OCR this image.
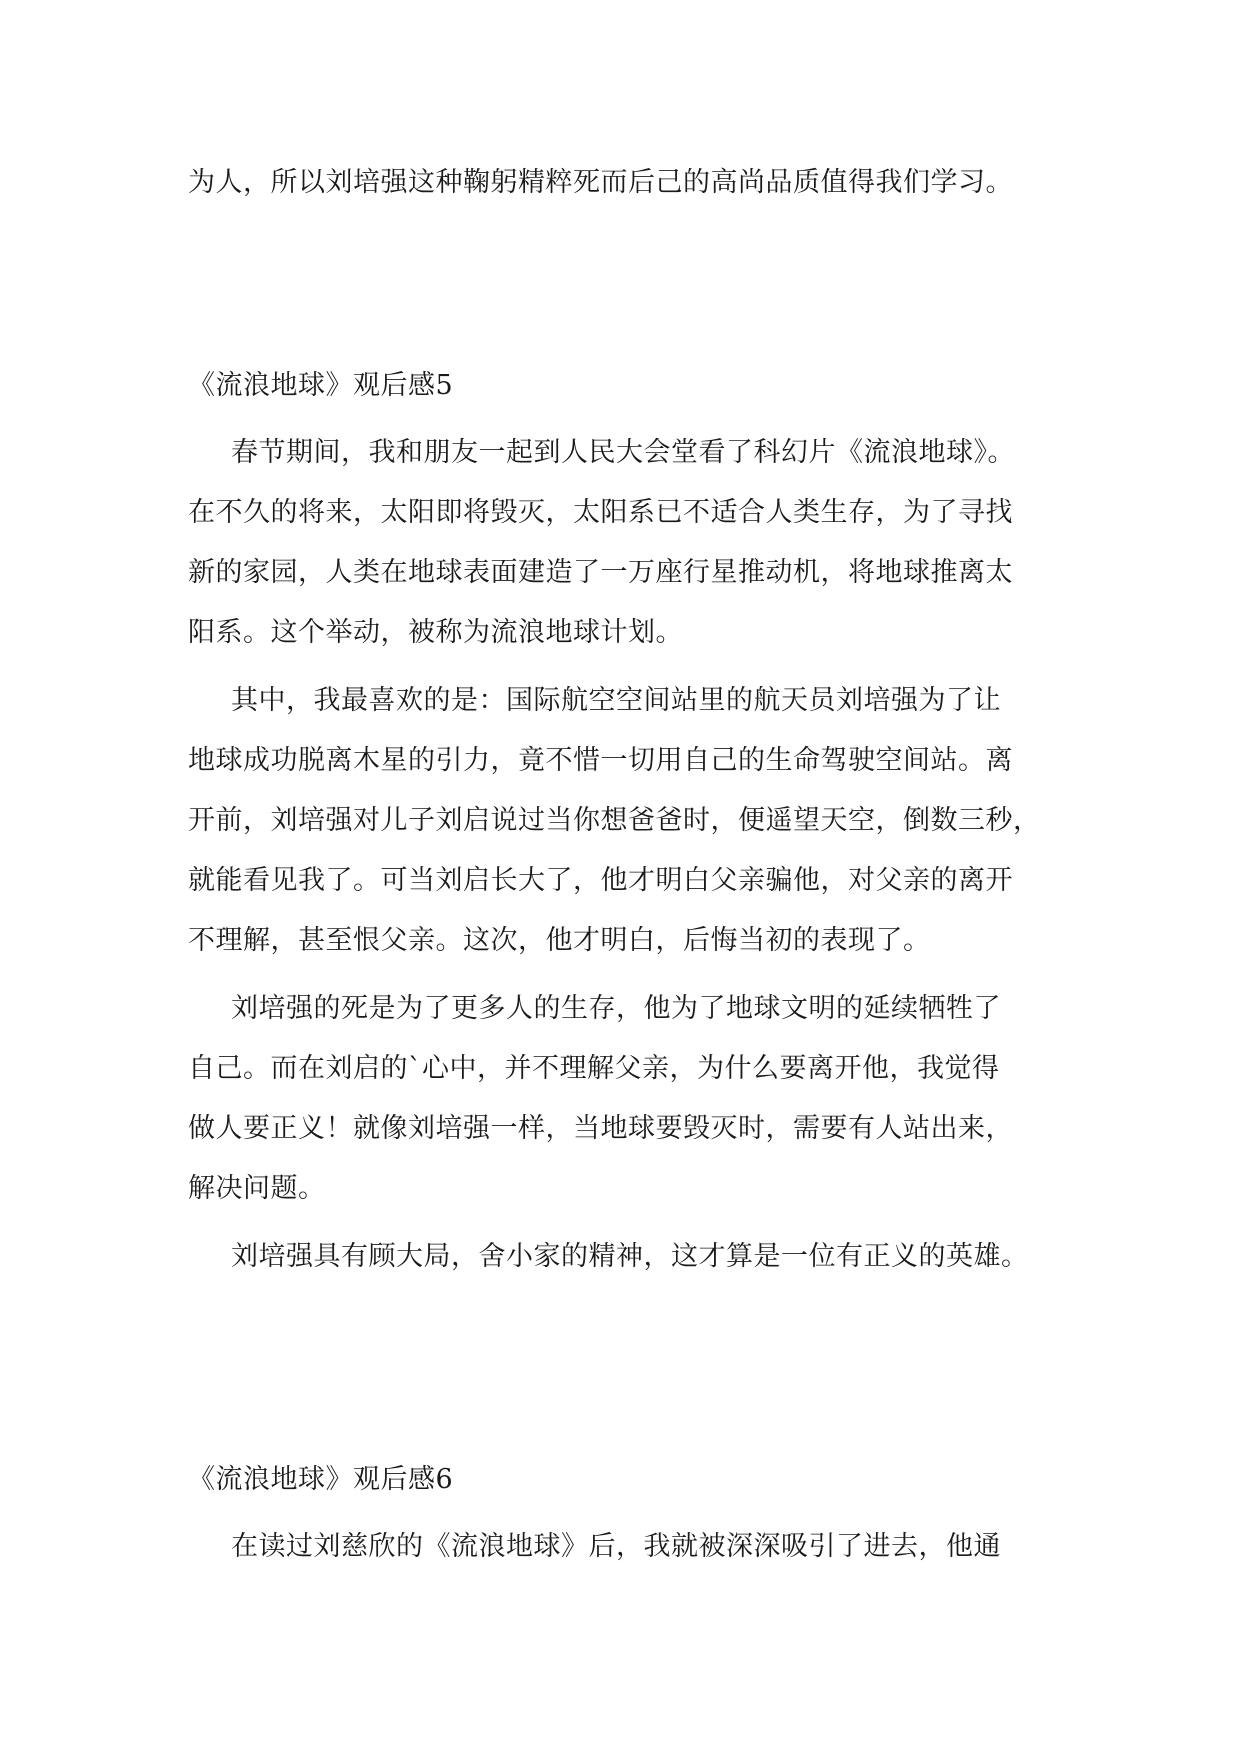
为人，所以刘培强这种鞠躬精粹死而后己的高尚品质值得我们学习。
《流浪地球》观后感5
春节期间，我和朋友一起到人民大会堂看了科幻片《流浪地球》。
在不久的将来，太阳即将毁灭，太阳系已不适合人类生存，为了寻找
新的家园，人类在地球表面建造了一万座行星推动机，将地球推离太
阳系。这个举动，被称为流浪地球计划。
其中，我最喜欢的是：国际航空空间站里的航天员刘培强为了让
地球成功脱离木星的引力，竟不惜一切用自己的生命驾驶空间站。离
开前，刘培强对儿子刘启说过当你想爸爸时，便遥望天空，倒数三秒，
就能看见我了。可当刘启长大了，他才明白父亲骗他，对父亲的离开
不理解，甚至恨父亲。这次，他才明白，后悔当初的表现了。
刘培强的死是为了更多人的生存，他为了地球文明的延续牺牲了
自己。而在刘启的`心中，并不理解父亲，为什么要离开他，我觉得
做人要正义！就像刘培强一样，当地球要毁灭时，需要有人站出来，
解决问题。
刘培强具有顾大局，舍小家的精神，这才算是一位有正义的英雄。
《流浪地球》观后感6
在读过刘慈欣的《流浪地球》后，我就被深深吸引了进去，他通
